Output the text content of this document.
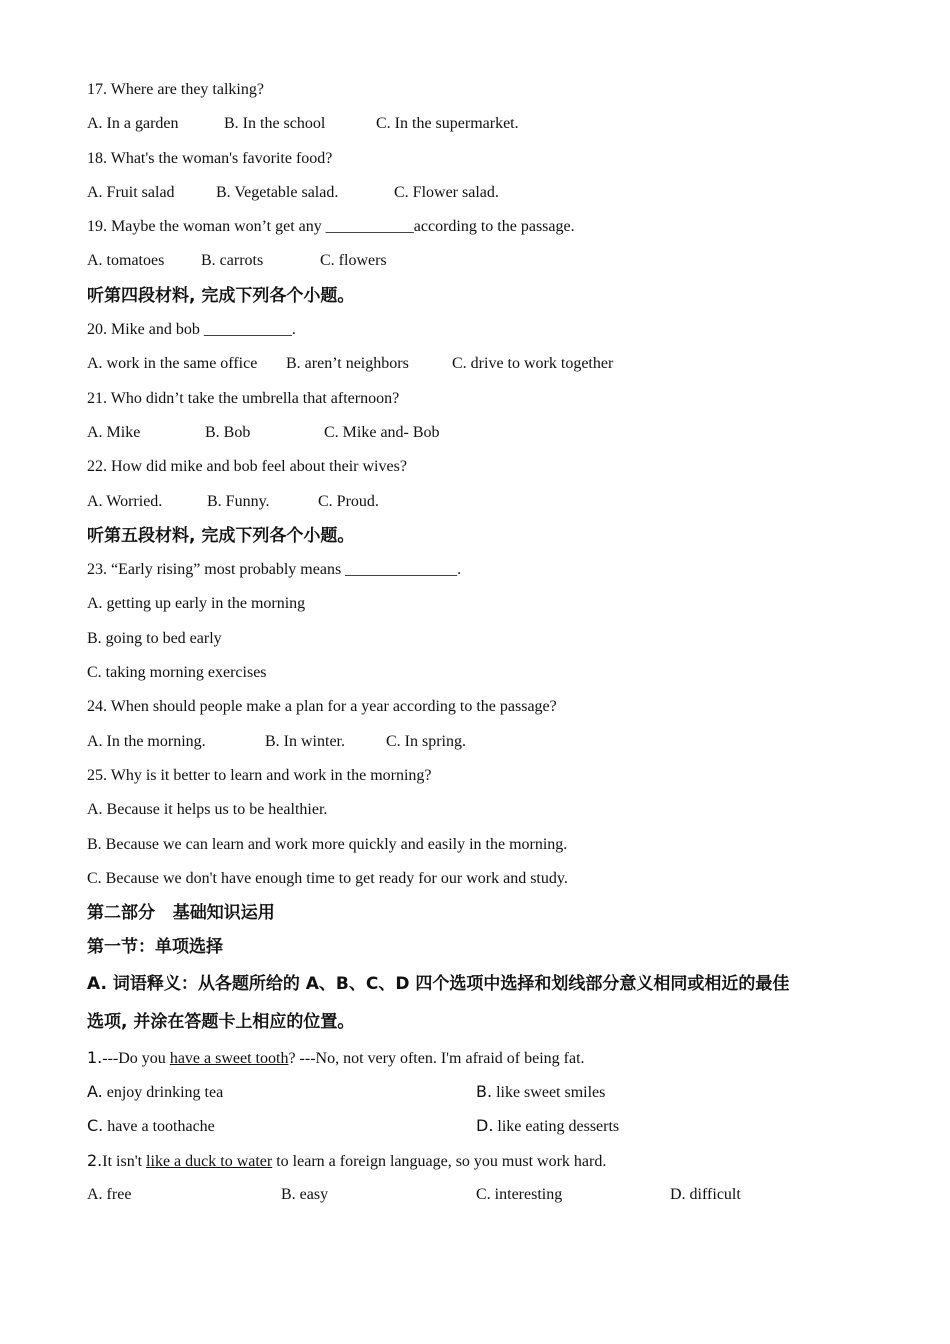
17. Where are they talking?
A. In a garden	B. In the school	C. In the supermarket.
18. What's the woman's favorite food?
A. Fruit salad	B. Vegetable salad.	C. Flower salad.
19. Maybe the woman won’t get any ___________according to the passage.
A. tomatoes B. carrots	C. flowers
听第四段材料, 完成下列各个小题。
20. Mike and bob ___________.
A. work in the same office B. aren’t neighbors	C. drive to work together
21. Who didn’t take the umbrella that afternoon?
A. Mike	B. Bob	C. Mike and- Bob
22. How did mike and bob feel about their wives?
A. Worried.	B. Funny.	C. Proud.
听第五段材料, 完成下列各个小题。
23. “Early rising” most probably means ______________.
A. getting up early in the morning
B. going to bed early
C. taking morning exercises
24. When should people make a plan for a year according to the passage?
A. In the morning.	B. In winter.	C. In spring.
25. Why is it better to learn and work in the morning?
A. Because it helps us to be healthier.
B. Because we can learn and work more quickly and easily in the morning.
C. Because we don't have enough time to get ready for our work and study.
第二部分   基础知识运用
第一节：单项选择
A. 词语释义：从各题所给的 A、B、C、D 四个选项中选择和划线部分意义相同或相近的最佳
选项, 并涂在答题卡上相应的位置。
1.---Do you have a sweet tooth? ---No, not very often. I'm afraid of being fat.
A. enjoy drinking tea	B. like sweet smiles
C. have a toothache	D. like eating desserts
2.It isn't like a duck to water to learn a foreign language, so you must work hard.
A. free	B. easy	C. interesting	D. difficult
